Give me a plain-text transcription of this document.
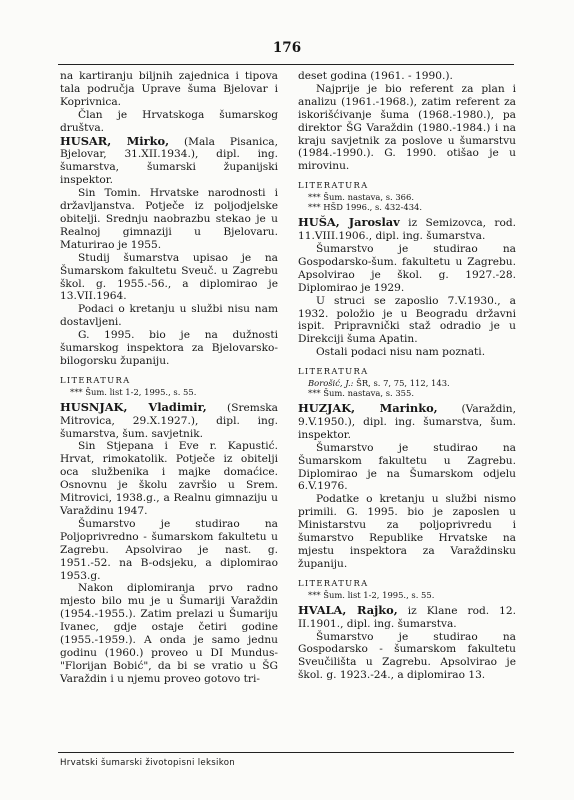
176

na kartiranju biljnih zajednica i tipova tala područja Uprave šuma Bjelovar i Koprivnica.

Član je Hrvatskoga šumarskog društva.

HUSAR, Mirko, (Mala Pisanica, Bjelovar, 31.XII.1934.), dipl. ing. šumarstva, šumarski županijski inspektor.

Sin Tomin. Hrvatske narodnosti i državljanstva. Potječe iz poljodjelske obitelji. Srednju naobrazbu stekao je u Realnoj gimnaziji u Bjelovaru. Maturirao je 1955.

Studij šumarstva upisao je na Šumarskom fakultetu Sveuč. u Zagrebu škol. g. 1955.-56., a diplomirao je 13.VII.1964.

Podaci o kretanju u službi nisu nam dostavljeni.

G. 1995. bio je na dužnosti šumarskog inspektora za Bjelovarsko-bilogorsku županiju.

LITERATURA
*** Šum. list 1-2, 1995., s. 55.

HUSNJAK, Vladimir, (Sremska Mitrovica, 29.X.1927.), dipl. ing. šumarstva, šum. savjetnik.

Sin Stjepana i Eve r. Kapustić. Hrvat, rimokatolik. Potječe iz obitelji oca službenika i majke domaćice. Osnovnu je školu završio u Srem. Mitrovici, 1938.g., a Realnu gimnaziju u Varaždinu 1947.

Šumarstvo je studirao na Poljoprivredno - šumarskom fakultetu u Zagrebu. Apsolvirao je nast. g. 1951.-52. na B-odsjeku, a diplomirao 1953.g.

Nakon diplomiranja prvo radno mjesto bilo mu je u Šumariji Varaždin (1954.-1955.). Zatim prelazi u Šumariju Ivanec, gdje ostaje četiri godine (1955.-1959.). A onda je samo jednu godinu (1960.) proveo u DI Mundus-"Florijan Bobić", da bi se vratio u ŠG Varaždin i u njemu proveo gotovo tri-

deset godina (1961. - 1990.).

Najprije je bio referent za plan i analizu (1961.-1968.), zatim referent za iskorišćivanje šuma (1968.-1980.), pa direktor ŠG Varaždin (1980.-1984.) i na kraju savjetnik za poslove u šumarstvu (1984.-1990.). G. 1990. otišao je u mirovinu.

LITERATURA
*** Šum. nastava, s. 366.
*** HŠD 1996., s. 432-434.

HUŠA, Jaroslav iz Semizovca, rod. 11.VIII.1906., dipl. ing. šumarstva.

Šumarstvo je studirao na Gospodarsko-šum. fakultetu u Zagrebu. Apsolvirao je škol. g. 1927.-28. Diplomirao je 1929.

U struci se zaposlio 7.V.1930., a 1932. položio je u Beogradu državni ispit. Pripravnički staž odradio je u Direkciji šuma Apatin.

Ostali podaci nisu nam poznati.

LITERATURA
Borošić, J.: ŠR, s. 7, 75, 112, 143.
*** Šum. nastava, s. 355.

HUZJAK, Marinko, (Varaždin, 9.V.1950.), dipl. ing. šumarstva, šum. inspektor.

Šumarstvo je studirao na Šumarskom fakultetu u Zagrebu. Diplomirao je na Šumarskom odjelu 6.V.1976.

Podatke o kretanju u službi nismo primili. G. 1995. bio je zaposlen u Ministarstvu za poljoprivredu i šumarstvo Republike Hrvatske na mjestu inspektora za Varaždinsku županiju.

LITERATURA
*** Šum. list 1-2, 1995., s. 55.

HVALA, Rajko, iz Klane rod. 12. II.1901., dipl. ing. šumarstva.

Šumarstvo je studirao na Gospodarsko - šumarskom fakultetu Sveučilišta u Zagrebu. Apsolvirao je škol. g. 1923.-24., a diplomirao 13.

Hrvatski šumarski životopisni leksikon
